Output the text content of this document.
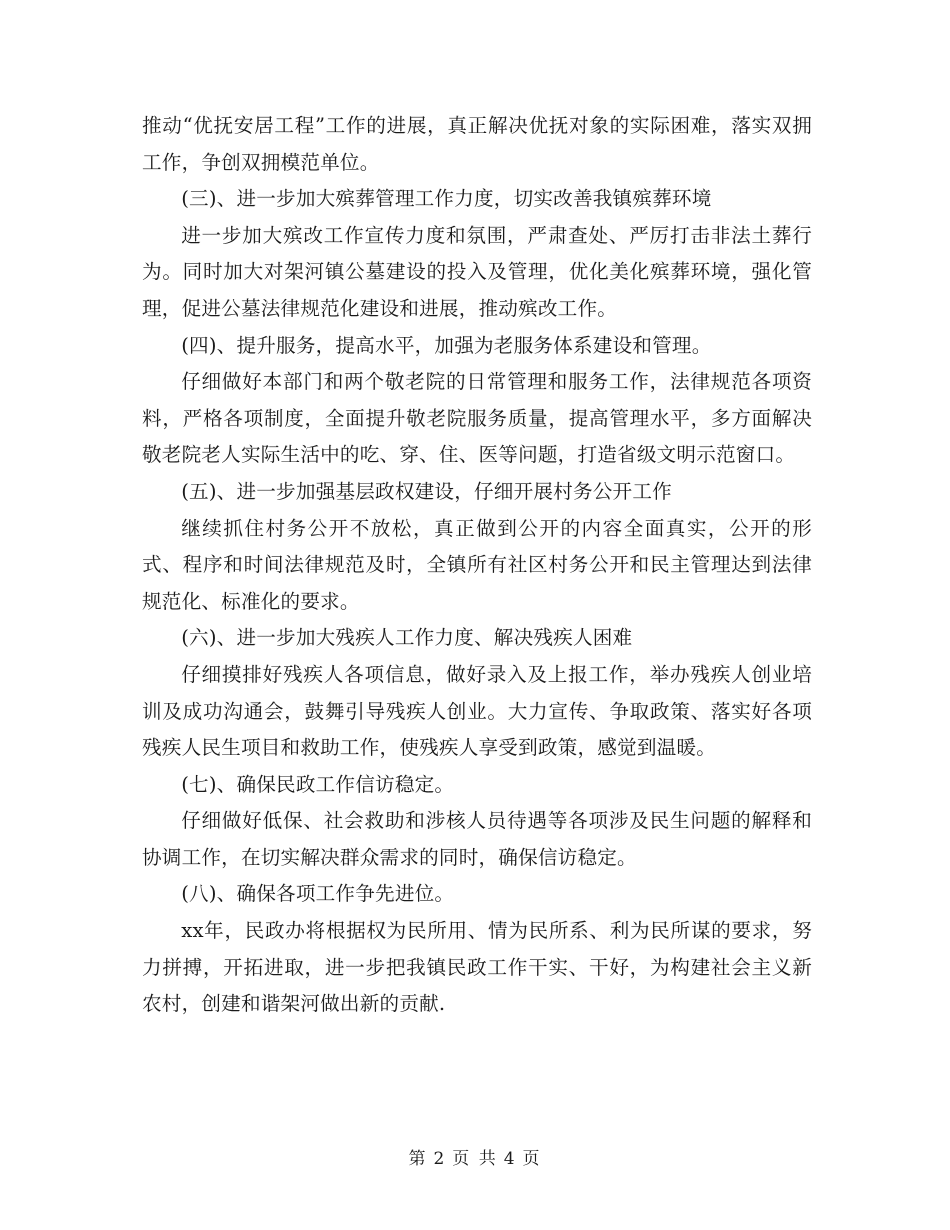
推动“优抚安居工程”工作的进展，真正解决优抚对象的实际困难，落实双拥工作，争创双拥模范单位。

(三)、进一步加大殡葬管理工作力度，切实改善我镇殡葬环境

进一步加大殡改工作宣传力度和氛围，严肃查处、严厉打击非法土葬行为。同时加大对架河镇公墓建设的投入及管理，优化美化殡葬环境，强化管理，促进公墓法律规范化建设和进展，推动殡改工作。

(四)、提升服务，提高水平，加强为老服务体系建设和管理。

仔细做好本部门和两个敬老院的日常管理和服务工作，法律规范各项资料，严格各项制度，全面提升敬老院服务质量，提高管理水平，多方面解决敬老院老人实际生活中的吃、穿、住、医等问题，打造省级文明示范窗口。

(五)、进一步加强基层政权建设，仔细开展村务公开工作

继续抓住村务公开不放松，真正做到公开的内容全面真实，公开的形式、程序和时间法律规范及时，全镇所有社区村务公开和民主管理达到法律规范化、标准化的要求。

(六)、进一步加大残疾人工作力度、解决残疾人困难

仔细摸排好残疾人各项信息，做好录入及上报工作，举办残疾人创业培训及成功沟通会，鼓舞引导残疾人创业。大力宣传、争取政策、落实好各项残疾人民生项目和救助工作，使残疾人享受到政策，感觉到温暖。

(七)、确保民政工作信访稳定。

仔细做好低保、社会救助和涉核人员待遇等各项涉及民生问题的解释和协调工作，在切实解决群众需求的同时，确保信访稳定。

(八)、确保各项工作争先进位。

xx年，民政办将根据权为民所用、情为民所系、利为民所谋的要求，努力拼搏，开拓进取，进一步把我镇民政工作干实、干好，为构建社会主义新农村，创建和谐架河做出新的贡献.

第 2 页 共 4 页
